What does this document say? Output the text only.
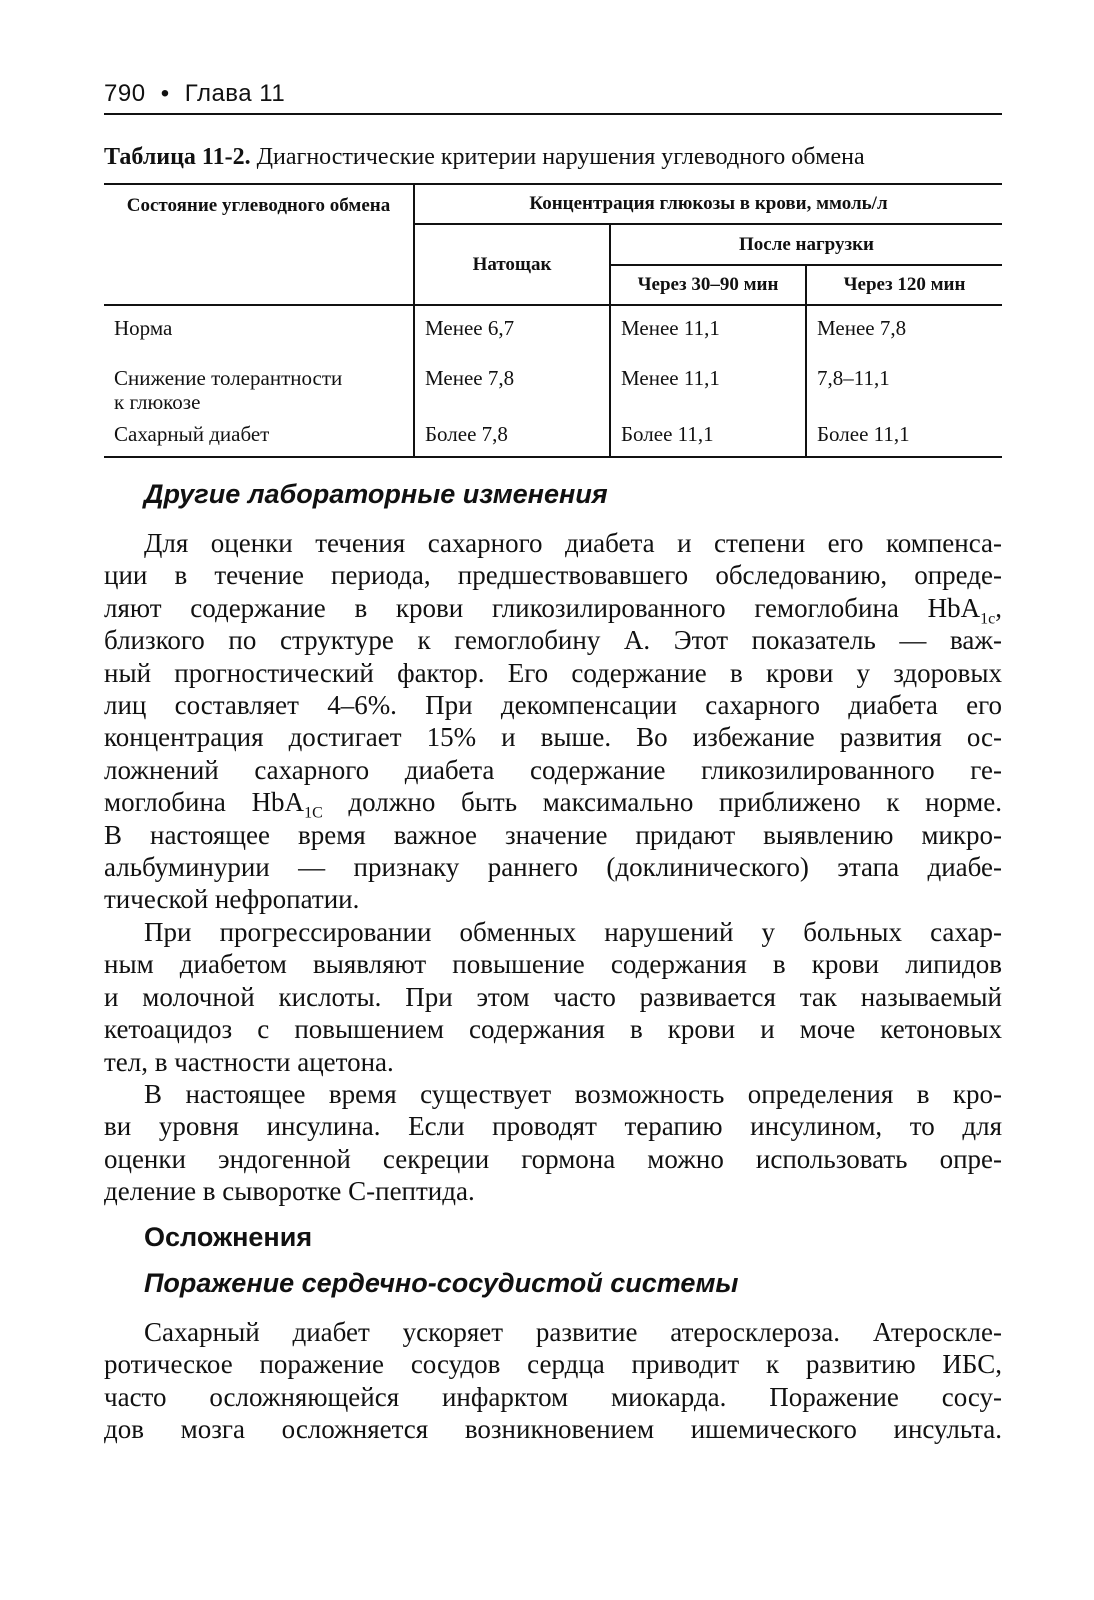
790 • Глава 11
Таблица 11-2. Диагностические критерии нарушения углеводного обмена
Состояние углеводного обмена	Концентрация глюкозы в крови, ммоль/л		
	Натощак	После нагрузки	
		Через 30–90 мин	Через 120 мин
Норма	Менее 6,7	Менее 11,1	Менее 7,8
Снижение толерантности
к глюкозе	Менее 7,8	Менее 11,1	7,8–11,1
Сахарный диабет	Более 7,8	Более 11,1	Более 11,1
Другие лабораторные изменения
Для оценки течения сахарного диабета и степени его компенса-
ции в течение периода, предшествовавшего обследованию, опреде-
ляют содержание в крови гликозилированного гемоглобина HbA$_{1c}$,
близкого по структуре к гемоглобину А. Этот показатель — важ-
ный прогностический фактор. Его содержание в крови у здоровых
лиц составляет 4–6%. При декомпенсации сахарного диабета его
концентрация достигает 15% и выше. Во избежание развития ос-
ложнений сахарного диабета содержание гликозилированного ге-
моглобина HbA$_{1C}$ должно быть максимально приближено к норме.
В настоящее время важное значение придают выявлению микро-
альбуминурии — признаку раннего (доклинического) этапа диабе-
тической нефропатии.
При прогрессировании обменных нарушений у больных сахар-
ным диабетом выявляют повышение содержания в крови липидов
и молочной кислоты. При этом часто развивается так называемый
кетоацидоз с повышением содержания в крови и моче кетоновых
тел, в частности ацетона.
В настоящее время существует возможность определения в кро-
ви уровня инсулина. Если проводят терапию инсулином, то для
оценки эндогенной секреции гормона можно использовать опре-
деление в сыворотке С-пептида.
Осложнения
Поражение сердечно-сосудистой системы
Сахарный диабет ускоряет развитие атеросклероза. Атероскле-
ротическое поражение сосудов сердца приводит к развитию ИБС,
часто осложняющейся инфарктом миокарда. Поражение сосу-
дов мозга осложняется возникновением ишемического инсульта.
